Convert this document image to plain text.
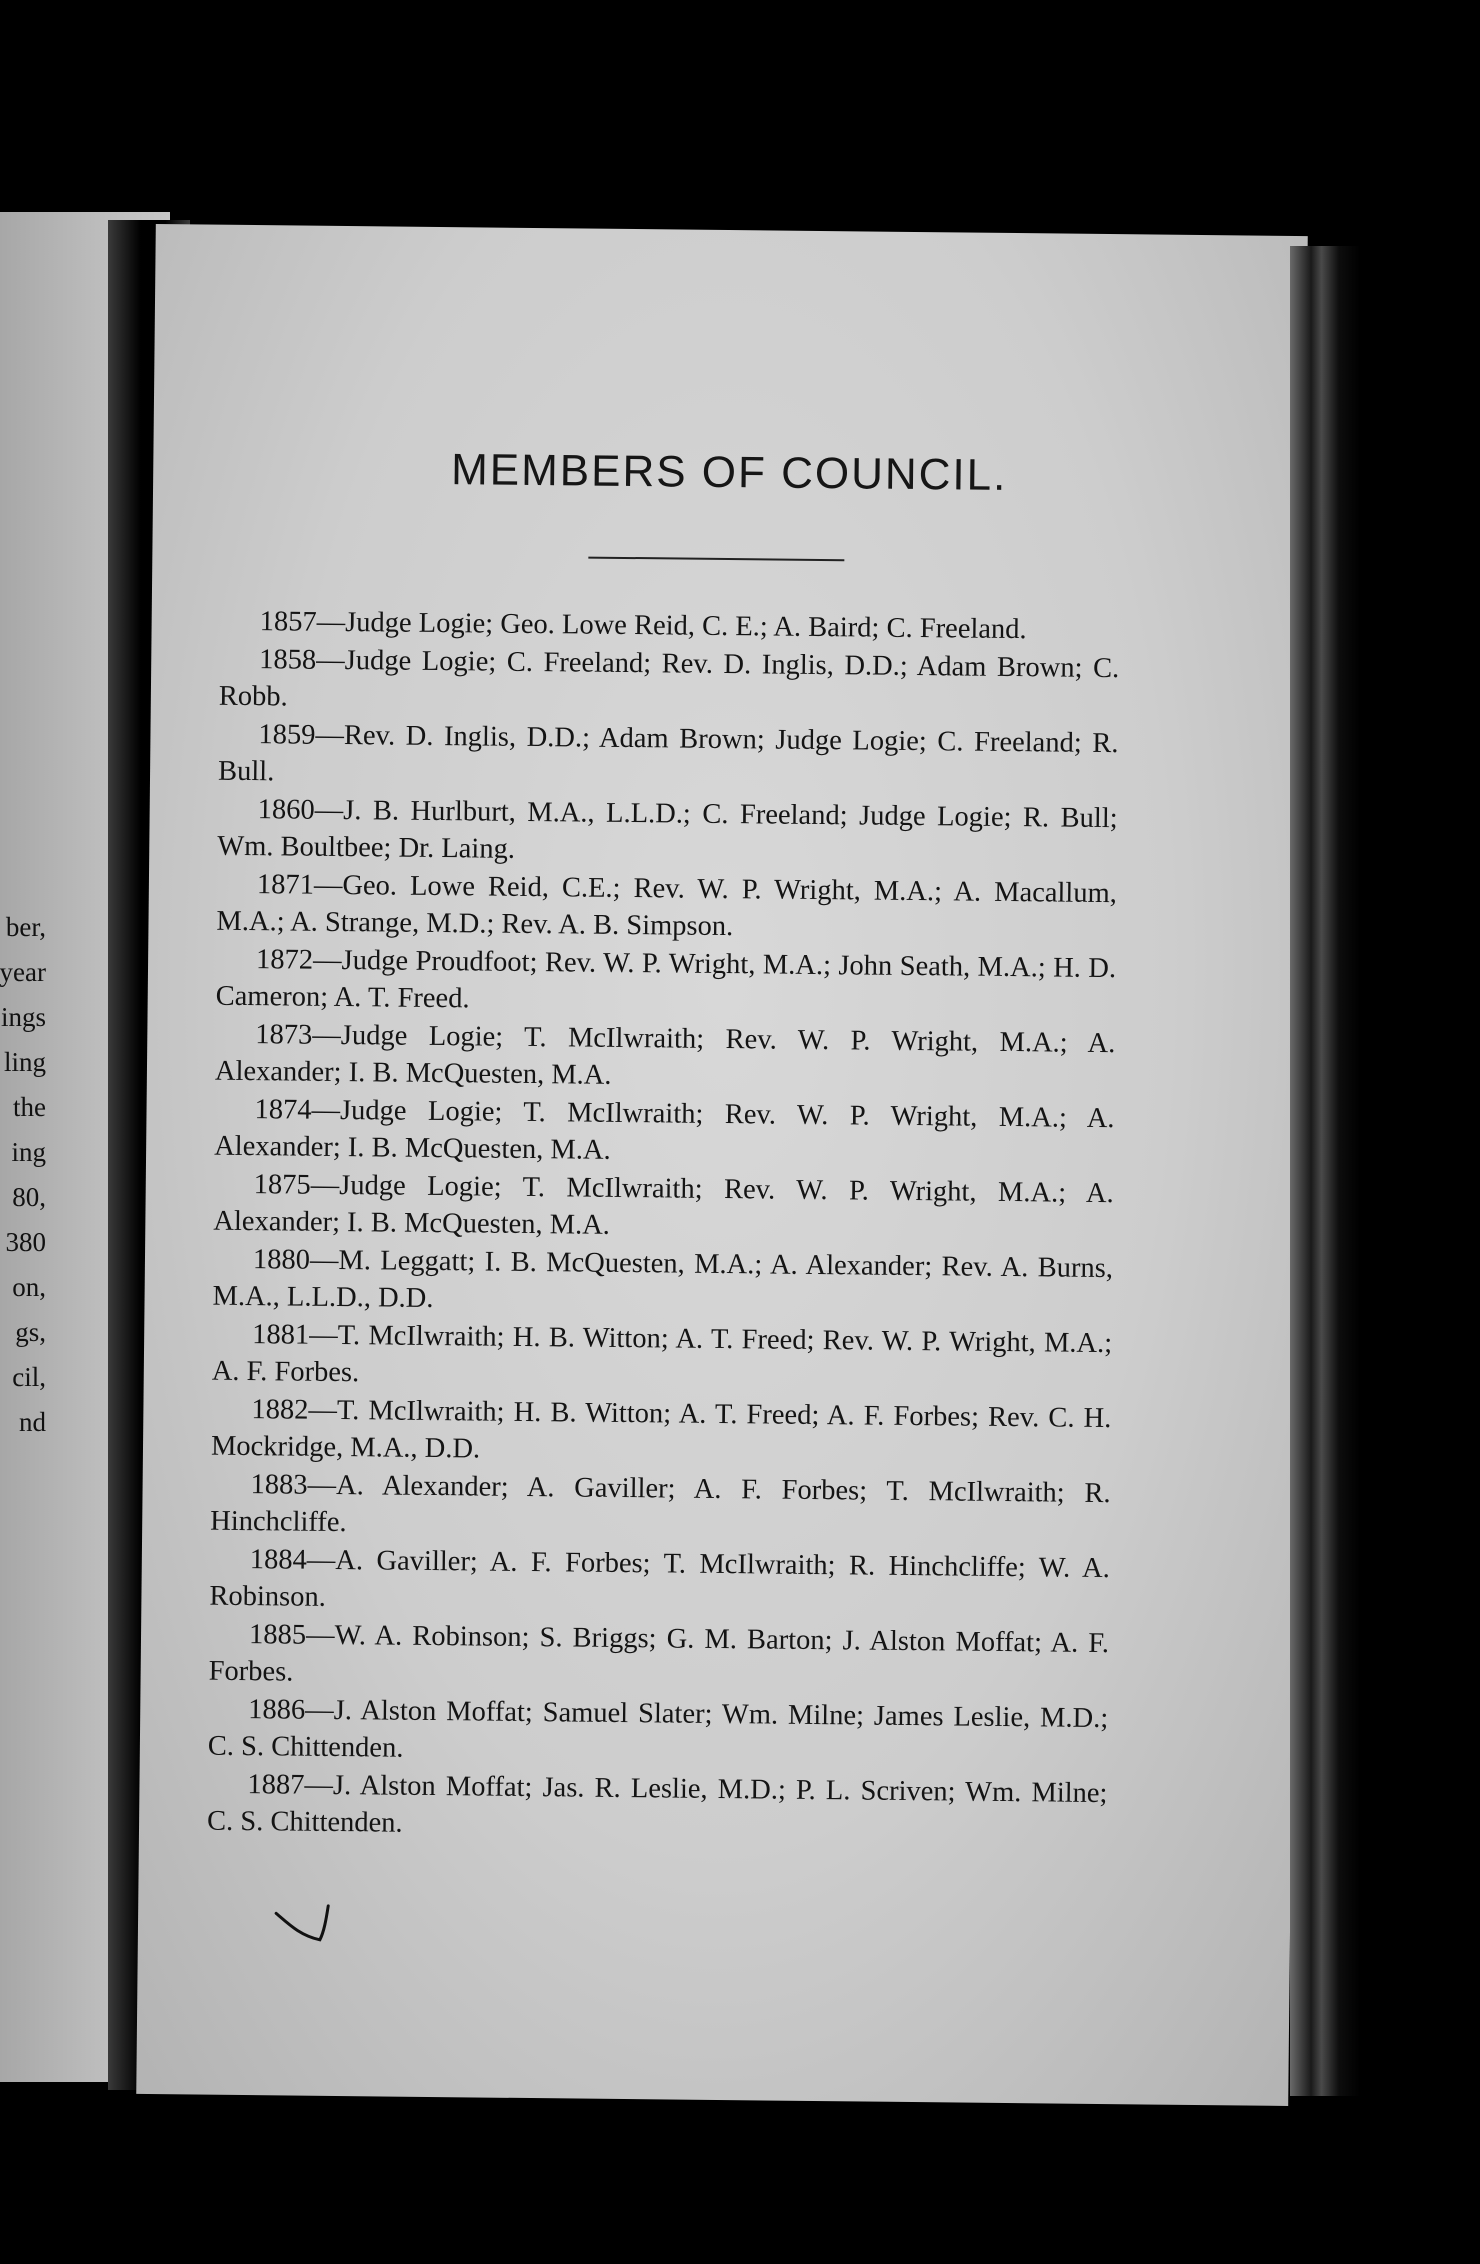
ber,
year
ings
ling
the
ing
80,
380
on,
gs,
cil,
nd
MEMBERS OF COUNCIL.

1857—Judge Logie; Geo. Lowe Reid, C. E.; A. Baird; C. Freeland.

1858—Judge Logie; C. Freeland; Rev. D. Inglis, D.D.; Adam Brown; C. Robb.

1859—Rev. D. Inglis, D.D.; Adam Brown; Judge Logie; C. Freeland; R. Bull.

1860—J. B. Hurlburt, M.A., L.L.D.; C. Freeland; Judge Logie; R. Bull; Wm. Boultbee; Dr. Laing.

1871—Geo. Lowe Reid, C.E.; Rev. W. P. Wright, M.A.; A. Macallum, M.A.; A. Strange, M.D.; Rev. A. B. Simpson.

1872—Judge Proudfoot; Rev. W. P. Wright, M.A.; John Seath, M.A.; H. D. Cameron; A. T. Freed.

1873—Judge Logie; T. McIlwraith; Rev. W. P. Wright, M.A.; A. Alexander; I. B. McQuesten, M.A.

1874—Judge Logie; T. McIlwraith; Rev. W. P. Wright, M.A.; A. Alexander; I. B. McQuesten, M.A.

1875—Judge Logie; T. McIlwraith; Rev. W. P. Wright, M.A.; A. Alexander; I. B. McQuesten, M.A.

1880—M. Leggatt; I. B. McQuesten, M.A.; A. Alexander; Rev. A. Burns, M.A., L.L.D., D.D.

1881—T. McIlwraith; H. B. Witton; A. T. Freed; Rev. W. P. Wright, M.A.; A. F. Forbes.

1882—T. McIlwraith; H. B. Witton; A. T. Freed; A. F. Forbes; Rev. C. H. Mockridge, M.A., D.D.

1883—A. Alexander; A. Gaviller; A. F. Forbes; T. McIlwraith; R. Hinchcliffe.

1884—A. Gaviller; A. F. Forbes; T. McIlwraith; R. Hinchcliffe; W. A. Robinson.

1885—W. A. Robinson; S. Briggs; G. M. Barton; J. Alston Moffat; A. F. Forbes.

1886—J. Alston Moffat; Samuel Slater; Wm. Milne; James Leslie, M.D.; C. S. Chittenden.

1887—J. Alston Moffat; Jas. R. Leslie, M.D.; P. L. Scriven; Wm. Milne; C. S. Chittenden.
